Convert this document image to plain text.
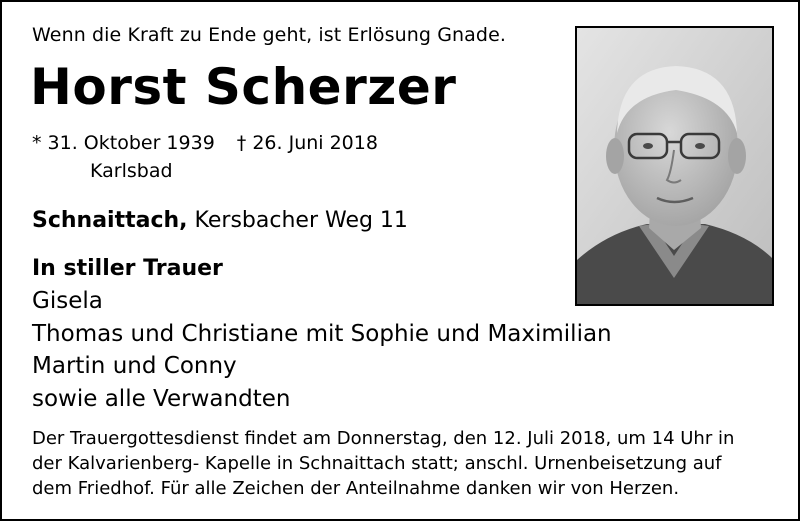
Wenn die Kraft zu Ende geht, ist Erlösung Gnade.
Horst Scherzer
* 31. Oktober 1939 † 26. Juni 2018
Karlsbad
Schnaittach, Kersbacher Weg 11
In stiller Trauer
Gisela
Thomas und Christiane mit Sophie und Maximilian
Martin und Conny
sowie alle Verwandten
Der Trauergottesdienst findet am Donnerstag, den 12. Juli 2018, um 14 Uhr in
der Kalvarienberg- Kapelle in Schnaittach statt; anschl. Urnenbeisetzung auf
dem Friedhof. Für alle Zeichen der Anteilnahme danken wir von Herzen.
